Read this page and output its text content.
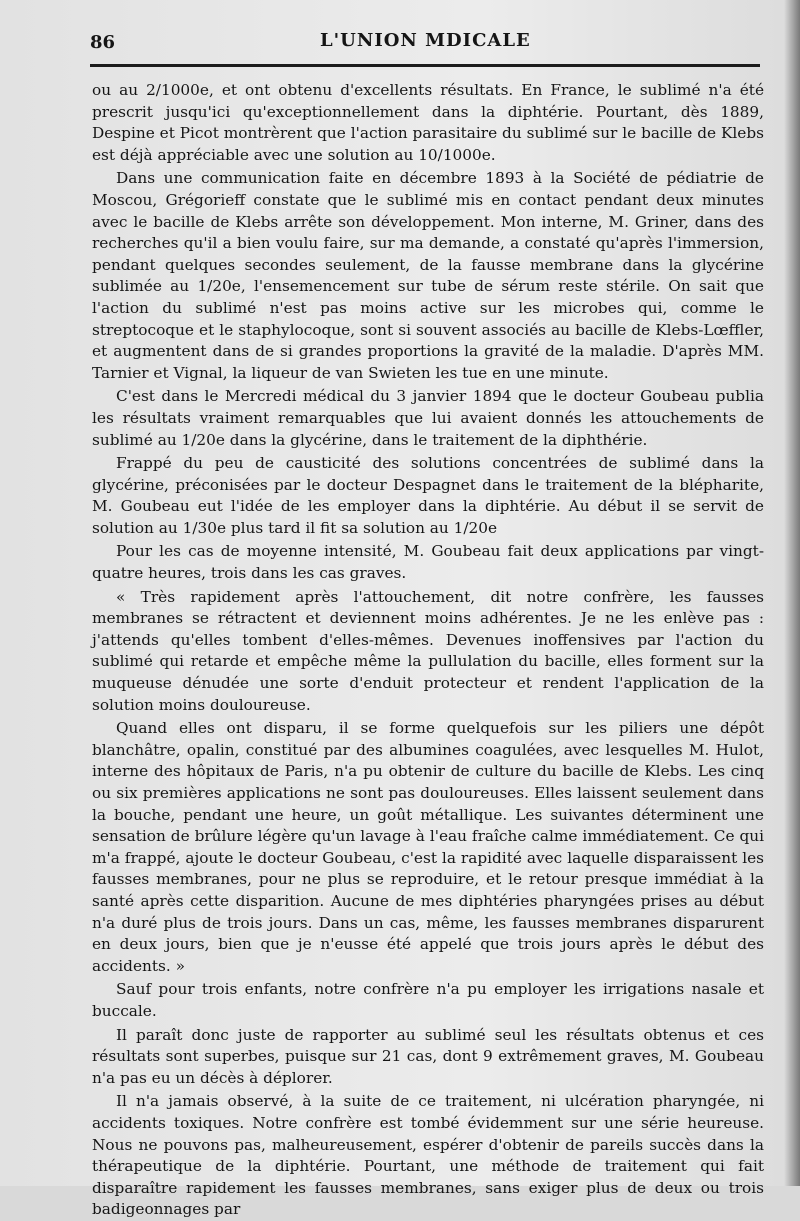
86	L'UNION MDICALE

ou au 2/1000e, et ont obtenu d'excellents résultats. En France, le sublimé n'a été prescrit jusqu'ici qu'exceptionnellement dans la diphtérie. Pourtant, dès 1889, Despine et Picot montrèrent que l'action parasitaire du sublimé sur le bacille de Klebs est déjà appréciable avec une solution au 10/1000e.

Dans une communication faite en décembre 1893 à la Société de pédiatrie de Moscou, Grégorieff constate que le sublimé mis en contact pendant deux minutes avec le bacille de Klebs arrête son développement. Mon interne, M. Griner, dans des recherches qu'il a bien voulu faire, sur ma demande, a constaté qu'après l'immersion, pendant quelques secondes seulement, de la fausse membrane dans la glycérine sublimée au 1/20e, l'ensemencement sur tube de sérum reste stérile. On sait que l'action du sublimé n'est pas moins active sur les microbes qui, comme le streptocoque et le staphylocoque, sont si souvent associés au bacille de Klebs-Lœffler, et augmentent dans de si grandes proportions la gravité de la maladie. D'après MM. Tarnier et Vignal, la liqueur de van Swieten les tue en une minute.

C'est dans le Mercredi médical du 3 janvier 1894 que le docteur Goubeau publia les résultats vraiment remarquables que lui avaient donnés les attouchements de sublimé au 1/20e dans la glycérine, dans le traitement de la diphthérie.

Frappé du peu de causticité des solutions concentrées de sublimé dans la glycérine, préconisées par le docteur Despagnet dans le traitement de la blépharite, M. Goubeau eut l'idée de les employer dans la diphtérie. Au début il se servit de solution au 1/30e plus tard il fit sa solution au 1/20e

Pour les cas de moyenne intensité, M. Goubeau fait deux applications par vingt-quatre heures, trois dans les cas graves.

« Très rapidement après l'attouchement, dit notre confrère, les fausses membranes se rétractent et deviennent moins adhérentes. Je ne les enlève pas : j'attends qu'elles tombent d'elles-mêmes. Devenues inoffensives par l'action du sublimé qui retarde et empêche même la pullulation du bacille, elles forment sur la muqueuse dénudée une sorte d'enduit protecteur et rendent l'application de la solution moins douloureuse.

Quand elles ont disparu, il se forme quelquefois sur les piliers une dépôt blanchâtre, opalin, constitué par des albumines coagulées, avec lesquelles M. Hulot, interne des hôpitaux de Paris, n'a pu obtenir de culture du bacille de Klebs. Les cinq ou six premières applications ne sont pas douloureuses. Elles laissent seulement dans la bouche, pendant une heure, un goût métallique. Les suivantes déterminent une sensation de brûlure légère qu'un lavage à l'eau fraîche calme immédiatement. Ce qui m'a frappé, ajoute le docteur Goubeau, c'est la rapidité avec laquelle disparaissent les fausses membranes, pour ne plus se reproduire, et le retour presque immédiat à la santé après cette disparition. Aucune de mes diphtéries pharyngées prises au début n'a duré plus de trois jours. Dans un cas, même, les fausses membranes disparurent en deux jours, bien que je n'eusse été appelé que trois jours après le début des accidents. »

Sauf pour trois enfants, notre confrère n'a pu employer les irrigations nasale et buccale.

Il paraît donc juste de rapporter au sublimé seul les résultats obtenus et ces résultats sont superbes, puisque sur 21 cas, dont 9 extrêmement graves, M. Goubeau n'a pas eu un décès à déplorer.

Il n'a jamais observé, à la suite de ce traitement, ni ulcération pharyngée, ni accidents toxiques. Notre confrère est tombé évidemment sur une série heureuse. Nous ne pouvons pas, malheureusement, espérer d'obtenir de pareils succès dans la thérapeutique de la diphtérie. Pourtant, une méthode de traitement qui fait disparaître rapidement les fausses membranes, sans exiger plus de deux ou trois badigeonnages par
